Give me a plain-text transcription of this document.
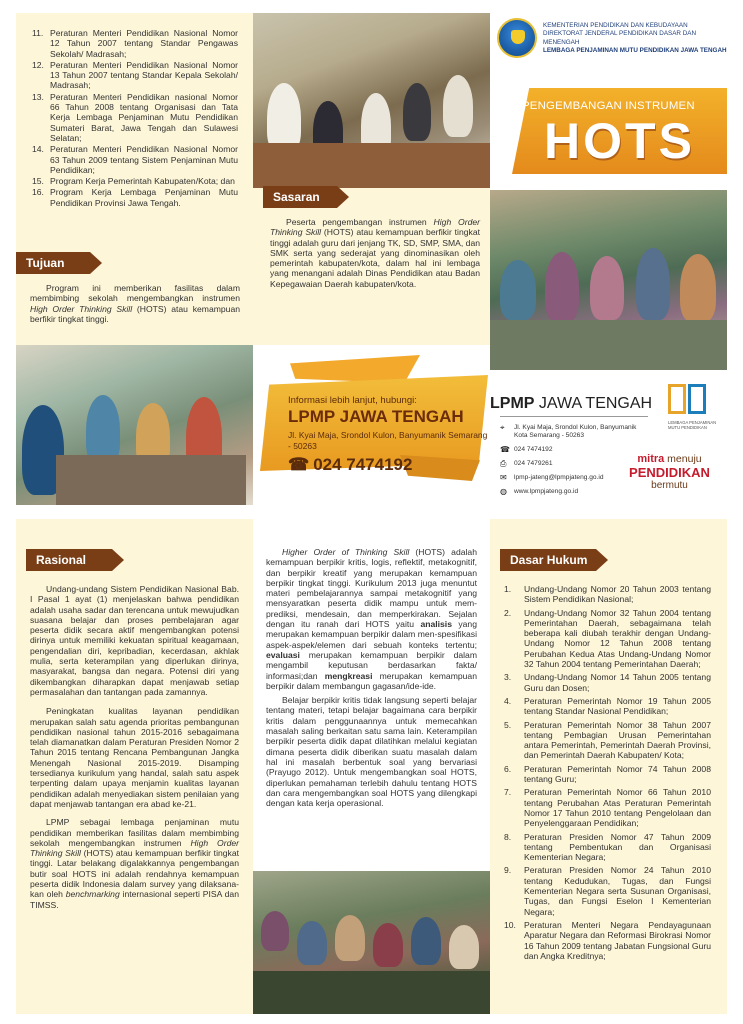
11. Peraturan Menteri Pendidikan Nasional Nomor 12 Tahun 2007 tentang Standar Pengawas Sekolah/ Madrasah;
12. Peraturan Menteri Pendidikan Nasional Nomor 13 Tahun 2007 tentang Standar Kepala Sekolah/ Madrasah;
13. Peraturan Menteri Pendidikan nasional Nomor 66 Tahun 2008 tentang Organisasi dan Tata Kerja Lembaga Penjaminan Mutu Pendidikan Sumateri Barat, Jawa Tengah dan Sulawesi Selatan;
14. Peraturan Menteri Pendidikan Nasional Nomor 63 Tahun 2009 tentang Sistem Penjaminan Mutu Pendidikan;
15. Program Kerja Pemerintah Kabupaten/Kota; dan
16. Program Kerja Lembaga Penjaminan Mutu Pendidikan Provinsi Jawa Tengah.
Tujuan
Program ini memberikan fasilitas dalam membimbing sekolah mengembangkan instrumen High Order Thinking Skill (HOTS) atau kemampuan berfikir tingkat tinggi.
Sasaran
Peserta pengembangan instrumen High Order Thinking Skill (HOTS) atau kemampuan berfikir tingkat tinggi adalah guru dari jenjang TK, SD, SMP, SMA, dan SMK serta yang sederajat yang dinominasikan oleh pemerintah kabupaten/kota, dalam hal ini lembaga yang menangani adalah Dinas Pendidikan atau Badan Kepegawaian Daerah kabupaten/kota.
KEMENTERIAN PENDIDIKAN DAN KEBUDAYAAN
DIREKTORAT JENDERAL PENDIDIKAN DASAR DAN MENENGAH
LEMBAGA PENJAMINAN MUTU PENDIDIKAN JAWA TENGAH
PENGEMBANGAN INSTRUMEN
HOTS
Informasi lebih lanjut, hubungi:
LPMP JAWA TENGAH
Jl. Kyai Maja, Srondol Kulon, Banyumanik Semarang - 50263
☎ 024 7474192
LPMP JAWA TENGAH
⌖ Jl. Kyai Maja, Srondol Kulon, Banyumanik Kota Semarang - 50263
☎ 024 7474192
⎙ 024 7479261
✉ lpmp-jateng@lpmpjateng.go.id
◍ www.lpmpjateng.go.id
LEMBAGA PENJAMINAN MUTU PENDIDIKAN
mitra menuju
PENDIDIKAN
bermutu
Rasional

Undang-undang Sistem Pendidikan Nasional Bab. I Pasal 1 ayat (1) menjelaskan bahwa pendidikan adalah usaha sadar dan terencana untuk mewujudkan suasana belajar dan proses pembelajaran agar peserta didik secara aktif mengembangkan potensi dirinya untuk memiliki kekuatan spiritual keagamaan, pengendalian diri, kepribadian, kecerdasan, akhlak mulia, serta keterampilan yang diperlukan dirinya, masyarakat, bangsa dan negara. Potensi diri yang dikembangkan diharapkan dapat menjawab setiap permasalahan dan tantangan pada zamannya.

Peningkatan kualitas layanan pendidikan merupakan salah satu agenda prioritas pembangunan pendidikan nasional tahun 2015-2016 sebagaimana telah diamanatkan dalam Peraturan Presiden Nomor 2 Tahun 2015 tentang Rencana Pembangunan Jangka Menengah Nasional 2015-2019. Disamping tersedianya kurikulum yang handal, salah satu aspek terpenting dalam upaya menjamin kualitas layanan pendidikan adalah menyediakan sistem penilaian yang dapat menjawab tantangan era abad ke-21.

LPMP sebagai lembaga penjaminan mutu pendidikan memberikan fasilitas dalam membimbing sekolah mengembangkan instrumen High Order Thinking Skill (HOTS) atau kemampuan berfikir tingkat tinggi. Latar belakang digalakkannya pengembangan butir soal HOTS ini adalah rendahnya kemampuan peserta didik Indonesia dalam survey yang dilaksana-kan oleh benchmarking internasional seperti PISA dan TIMSS.

Higher Order of Thinking Skill (HOTS) adalah kemampuan berpikir kritis, logis, reflektif, metakognitif, dan berpikir kreatif yang merupakan kemampuan berpikir tingkat tinggi. Kurikulum 2013 juga menuntut materi pembelajarannya sampai metakognitif yang mensyaratkan peserta didik mampu untuk mem-prediksi, mendesain, dan memperkirakan. Sejalan dengan itu ranah dari HOTS yaitu analisis yang merupakan kemampuan berpikir dalam men-spesifikasi aspek-aspek/elemen dari sebuah konteks tertentu; evaluasi merupakan kemampuan berpikir dalam mengambil keputusan berdasarkan fakta/ informasi;dan mengkreasi merupakan kemampuan berpikir dalam membangun gagasan/ide-ide.

Belajar berpikir kritis tidak langsung seperti belajar tentang materi, tetapi belajar bagaimana cara berpikir kritis dalam penggunaannya untuk memecahkan masalah saling berkaitan satu sama lain. Keterampilan berpikir peserta didik dapat dilatihkan melalui kegiatan dimana peserta didik diberikan suatu masalah dalam hal ini masalah berbentuk soal yang bervariasi (Prayugo 2012). Untuk mengembangkan soal HOTS, diperlukan pemahaman terlebih dahulu tentang HOTS dan cara mengembangkan soal HOTS yang dilengkapi dengan kata kerja operasional.

Dasar Hukum
1.	Undang-Undang Nomor 20 Tahun 2003 tentang Sistem Pendidikan Nasional;
2.	Undang-Undang Nomor 32 Tahun 2004 tentang Pemerintahan Daerah, sebagaimana telah beberapa kali diubah terakhir dengan Undang-Undang Nomor 12 Tahun 2008 tentang Perubahan Kedua Atas Undang-Undang Nomor 32 Tahun 2004 tentang Pemerintahan Daerah;
3.	Undang-Undang Nomor 14 Tahun 2005 tentang Guru dan Dosen;
4.	Peraturan Pemerintah Nomor 19 Tahun 2005 tentang Standar Nasional Pendidikan;
5.	Peraturan Pemerintah Nomor 38 Tahun 2007 tentang Pembagian Urusan Pemerintahan antara Pemerintah, Pemerintah Daerah Provinsi, dan Pemerintah Daerah Kabupaten/ Kota;
6.	Peraturan Pemerintah Nomor 74 Tahun 2008 tentang Guru;
7.	Peraturan Pemerintah Nomor 66 Tahun 2010 tentang Perubahan Atas Peraturan Pemerintah Nomor 17 Tahun 2010 tentang Pengelolaan dan Penyelenggaraan Pendidikan;
8.	Peraturan Presiden Nomor 47 Tahun 2009 tentang Pembentukan dan Organisasi Kementerian Negara;
9.	Peraturan Presiden Nomor 24 Tahun 2010 tentang Kedudukan, Tugas, dan Fungsi Kementerian Negara serta Susunan Organisasi, Tugas, dan Fungsi Eselon I Kementerian Negara;
10. Peraturan Menteri Negara Pendayagunaan Aparatur Negara dan Reformasi Birokrasi Nomor 16 Tahun 2009 tentang Jabatan Fungsional Guru dan Angka Kreditnya;
